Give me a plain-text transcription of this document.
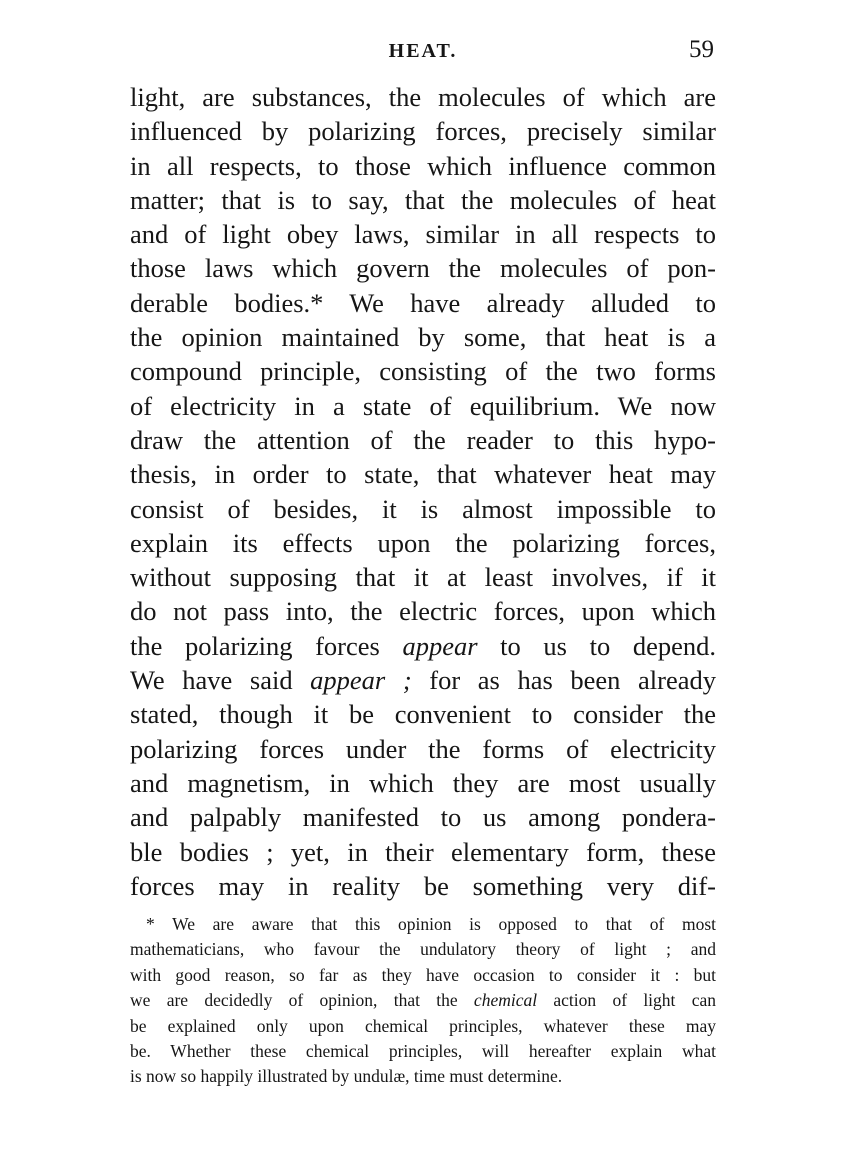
HEAT.	59
light, are substances, the molecules of which are
influenced by polarizing forces, precisely similar
in all respects, to those which influence common
matter; that is to say, that the molecules of heat
and of light obey laws, similar in all respects to
those laws which govern the molecules of pon-
derable bodies.* We have already alluded to
the opinion maintained by some, that heat is a
compound principle, consisting of the two forms
of electricity in a state of equilibrium. We now
draw the attention of the reader to this hypo-
thesis, in order to state, that whatever heat may
consist of besides, it is almost impossible to
explain its effects upon the polarizing forces,
without supposing that it at least involves, if it
do not pass into, the electric forces, upon which
the polarizing forces appear to us to depend.
We have said appear ; for as has been already
stated, though it be convenient to consider the
polarizing forces under the forms of electricity
and magnetism, in which they are most usually
and palpably manifested to us among pondera-
ble bodies ; yet, in their elementary form, these
forces may in reality be something very dif-
* We are aware that this opinion is opposed to that of most
mathematicians, who favour the undulatory theory of light ; and
with good reason, so far as they have occasion to consider it : but
we are decidedly of opinion, that the chemical action of light can
be explained only upon chemical principles, whatever these may
be. Whether these chemical principles, will hereafter explain what
is now so happily illustrated by undulæ, time must determine.
